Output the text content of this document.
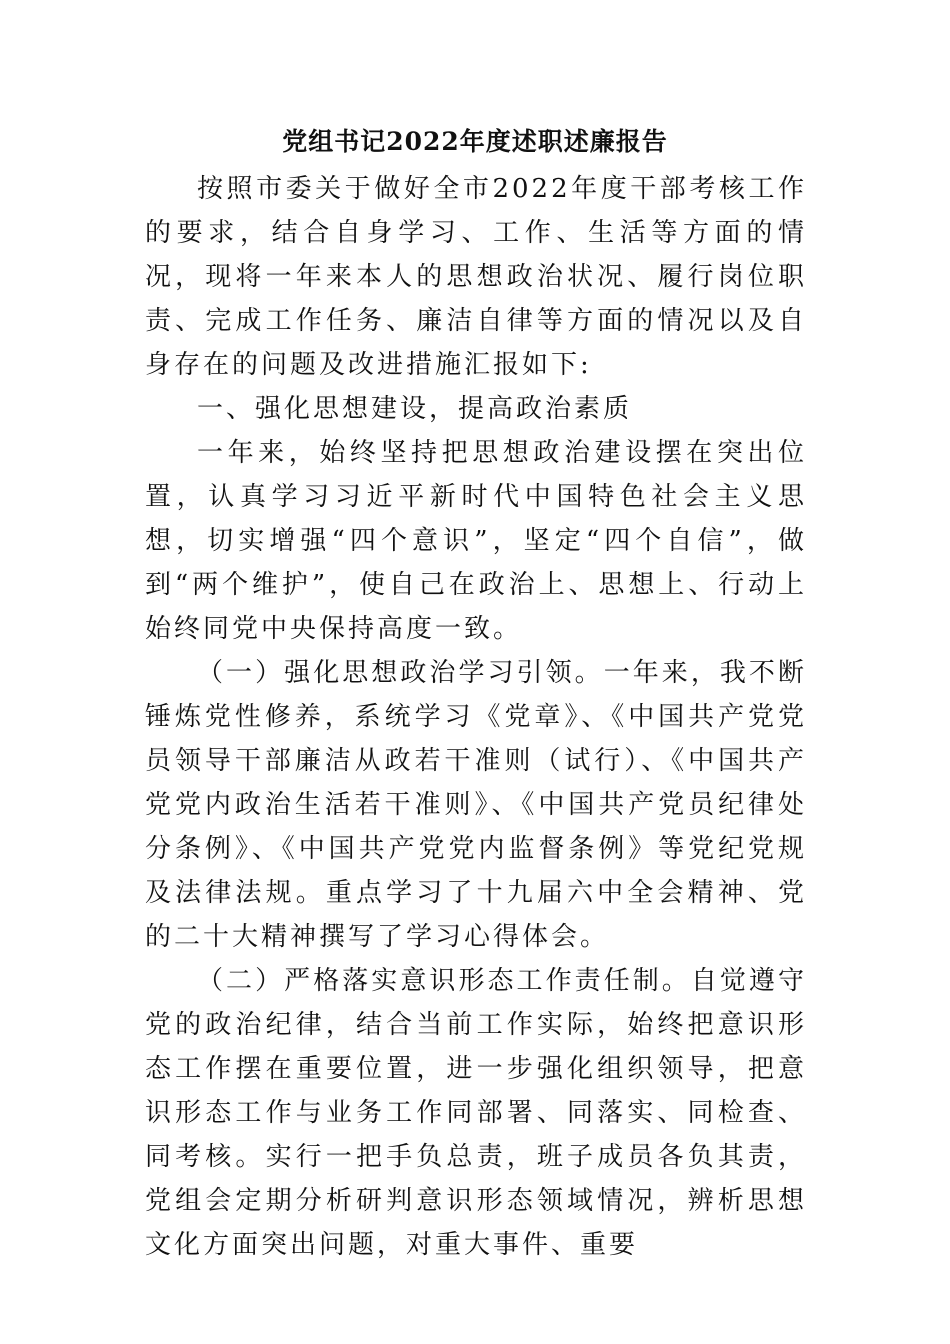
党组书记2022年度述职述廉报告

按照市委关于做好全市2022年度干部考核工作的要求，结合自身学习、工作、生活等方面的情况，现将一年来本人的思想政治状况、履行岗位职责、完成工作任务、廉洁自律等方面的情况以及自身存在的问题及改进措施汇报如下:

一、强化思想建设，提高政治素质

一年来，始终坚持把思想政治建设摆在突出位置，认真学习习近平新时代中国特色社会主义思想，切实增强“四个意识”，坚定“四个自信”，做到“两个维护”，使自己在政治上、思想上、行动上始终同党中央保持高度一致。

（一）强化思想政治学习引领。一年来，我不断锤炼党性修养，系统学习《党章》、《中国共产党党员领导干部廉洁从政若干准则（试行）、《中国共产党党内政治生活若干准则》、《中国共产党员纪律处分条例》、《中国共产党党内监督条例》等党纪党规及法律法规。重点学习了十九届六中全会精神、党的二十大精神撰写了学习心得体会。

（二）严格落实意识形态工作责任制。自觉遵守党的政治纪律，结合当前工作实际，始终把意识形态工作摆在重要位置，进一步强化组织领导，把意识形态工作与业务工作同部署、同落实、同检查、同考核。实行一把手负总责，班子成员各负其责，党组会定期分析研判意识形态领域情况，辨析思想文化方面突出问题，对重大事件、重要
